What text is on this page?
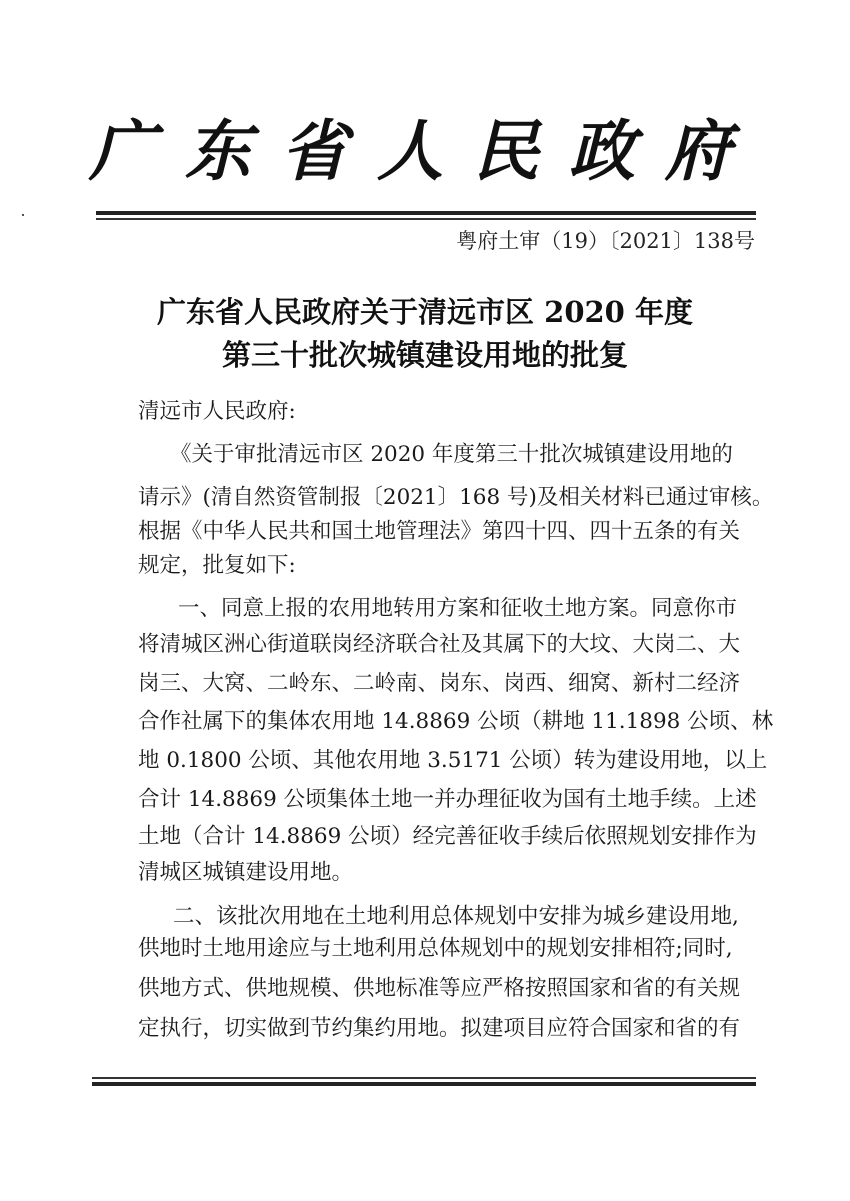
广东省人民政府
粤府土审（19）〔2021〕138号
广东省人民政府关于清远市区 2020 年度
第三十批次城镇建设用地的批复
清远市人民政府:
《关于审批清远市区 2020 年度第三十批次城镇建设用地的
请示》(清自然资管制报〔2021〕168 号)及相关材料已通过审核。
根据《中华人民共和国土地管理法》第四十四、四十五条的有关
规定，批复如下:
一、同意上报的农用地转用方案和征收土地方案。同意你市
将清城区洲心街道联岗经济联合社及其属下的大坟、大岗二、大
岗三、大窝、二岭东、二岭南、岗东、岗西、细窝、新村二经济
合作社属下的集体农用地 14.8869 公顷（耕地 11.1898 公顷、林
地 0.1800 公顷、其他农用地 3.5171 公顷）转为建设用地，以上
合计 14.8869 公顷集体土地一并办理征收为国有土地手续。上述
土地（合计 14.8869 公顷）经完善征收手续后依照规划安排作为
清城区城镇建设用地。
二、该批次用地在土地利用总体规划中安排为城乡建设用地,
供地时土地用途应与土地利用总体规划中的规划安排相符;同时,
供地方式、供地规模、供地标准等应严格按照国家和省的有关规
定执行，切实做到节约集约用地。拟建项目应符合国家和省的有
